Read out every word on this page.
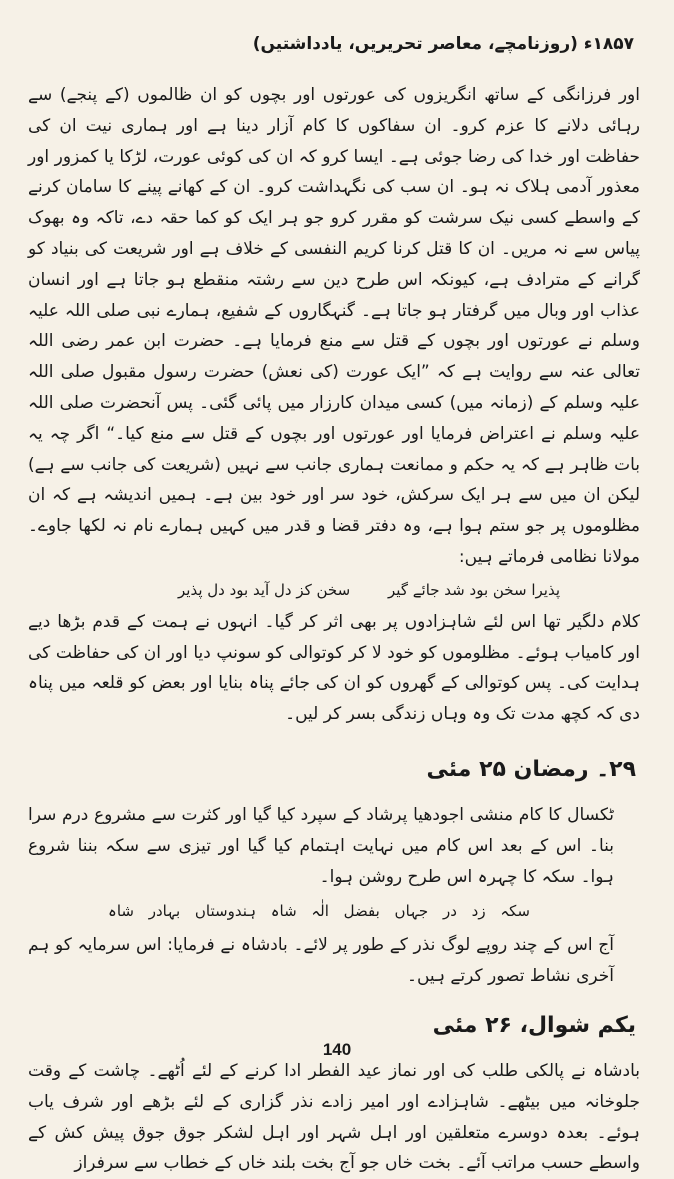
۱۸۵۷ء (روزنامچے، معاصر تحریریں، یادداشتیں)

اور فرزانگی کے ساتھ انگریزوں کی عورتوں اور بچوں کو ان ظالموں (کے پنجے) سے رہائی دلانے کا عزم کرو۔ ان سفاکوں کا کام آزار دینا ہے اور ہماری نیت ان کی حفاظت اور خدا کی رضا جوئی ہے۔ ایسا کرو کہ ان کی کوئی عورت، لڑکا یا کمزور اور معذور آدمی ہلاک نہ ہو۔ ان سب کی نگہداشت کرو۔ ان کے کھانے پینے کا سامان کرنے کے واسطے کسی نیک سرشت کو مقرر کرو جو ہر ایک کو کما حقہ دے، تاکہ وہ بھوک پیاس سے نہ مریں۔ ان کا قتل کرنا کریم النفسی کے خلاف ہے اور شریعت کی بنیاد کو گرانے کے مترادف ہے، کیونکہ اس طرح دین سے رشتہ منقطع ہو جاتا ہے اور انسان عذاب اور وبال میں گرفتار ہو جاتا ہے۔ گنہگاروں کے شفیع، ہمارے نبی صلی اللہ علیہ وسلم نے عورتوں اور بچوں کے قتل سے منع فرمایا ہے۔ حضرت ابن عمر رضی اللہ تعالی عنہ سے روایت ہے کہ ”ایک عورت (کی نعش) حضرت رسول مقبول صلی اللہ علیہ وسلم کے (زمانہ میں) کسی میدان کارزار میں پائی گئی۔ پس آنحضرت صلی اللہ علیہ وسلم نے اعتراض فرمایا اور عورتوں اور بچوں کے قتل سے منع کیا۔“ اگر چہ یہ بات ظاہر ہے کہ یہ حکم و ممانعت ہماری جانب سے نہیں (شریعت کی جانب سے ہے) لیکن ان میں سے ہر ایک سرکش، خود سر اور خود بین ہے۔ ہمیں اندیشہ ہے کہ ان مظلوموں پر جو ستم ہوا ہے، وہ دفتر قضا و قدر میں کہیں ہمارے نام نہ لکھا جاوے۔ مولانا نظامی فرماتے ہیں:

پذیرا سخن بود شد جائے گیر
سخن کز دل آید بود دل پذیر

کلام دلگیر تھا اس لئے شاہزادوں پر بھی اثر کر گیا۔ انہوں نے ہمت کے قدم بڑھا دیے اور کامیاب ہوئے۔ مظلوموں کو خود لا کر کوتوالی کو سونپ دیا اور ان کی حفاظت کی ہدایت کی۔ پس کوتوالی کے گھروں کو ان کی جائے پناہ بنایا اور بعض کو قلعہ میں پناہ دی کہ کچھ مدت تک وہ وہاں زندگی بسر کر لیں۔

۲۹۔ رمضان ۲۵ مئی

ٹکسال کا کام منشی اجودھیا پرشاد کے سپرد کیا گیا اور کثرت سے مشروع درم سرا بنا۔ اس کے بعد اس کام میں نہایت اہتمام کیا گیا اور تیزی سے سکہ بننا شروع ہوا۔ سکہ کا چہرہ اس طرح روشن ہوا۔

سکہ زد در جہاں
بفضل الٰہ
شاہ
ہندوستاں
بہادر
شاہ

آج اس کے چند روپے لوگ نذر کے طور پر لائے۔ بادشاہ نے فرمایا: اس سرمایہ کو ہم آخری نشاط تصور کرتے ہیں۔

یکم شوال، ۲۶ مئی

بادشاہ نے پالکی طلب کی اور نماز عید الفطر ادا کرنے کے لئے اُٹھے۔ چاشت کے وقت جلوخانہ میں بیٹھے۔ شاہزادے اور امیر زادے نذر گزاری کے لئے بڑھے اور شرف یاب ہوئے۔ بعدہ دوسرے متعلقین اور اہل شہر اور اہل لشکر جوق جوق پیش کش کے واسطے حسب مراتب آئے۔ بخت خاں جو آج بخت بلند خاں کے خطاب سے سرفراز

140
